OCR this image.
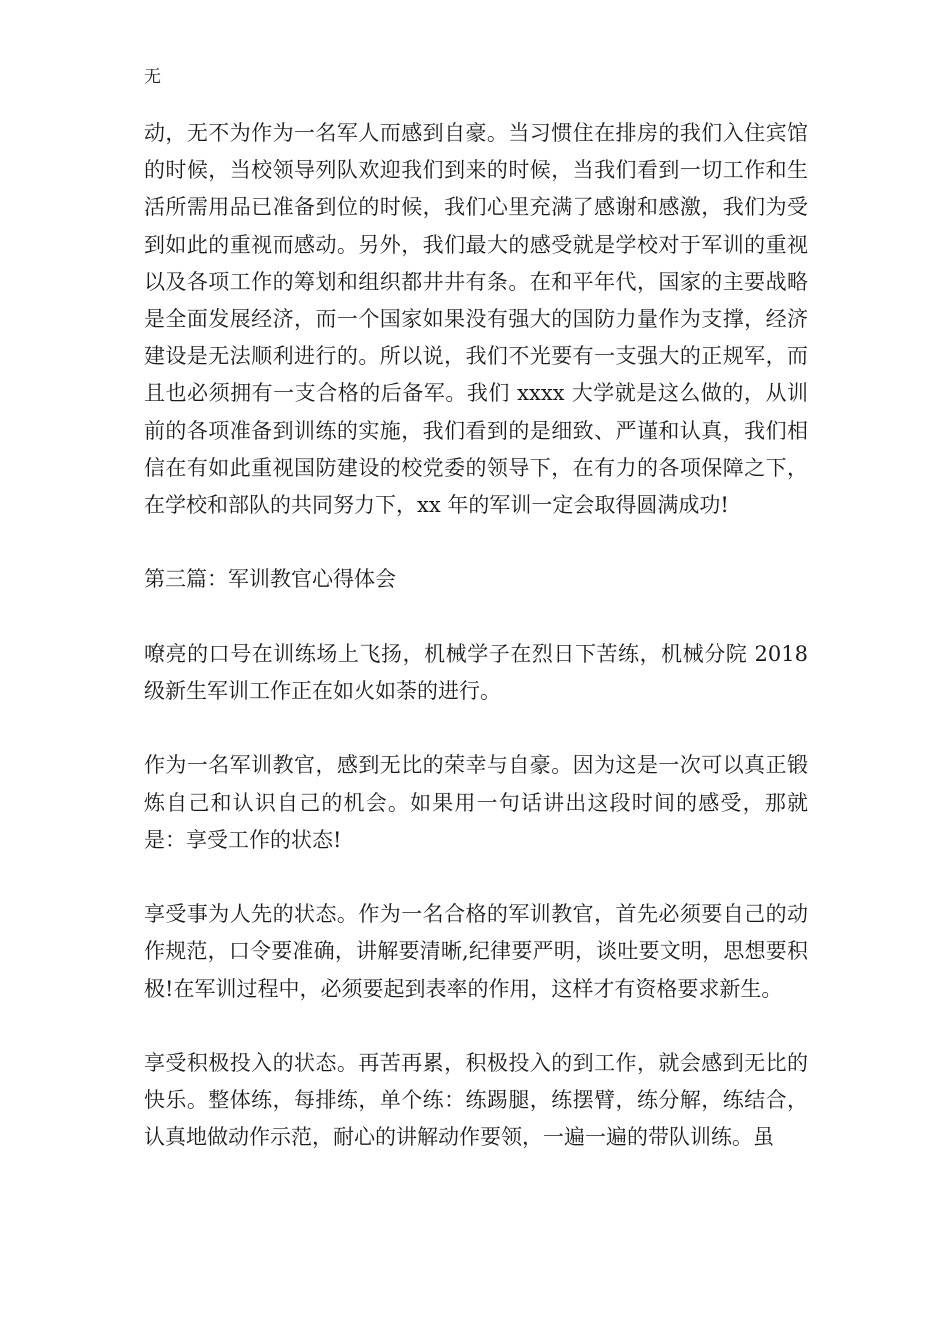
无

动，无不为作为一名军人而感到自豪。当习惯住在排房的我们入住宾馆的时候，当校领导列队欢迎我们到来的时候，当我们看到一切工作和生活所需用品已准备到位的时候，我们心里充满了感谢和感激，我们为受到如此的重视而感动。另外，我们最大的感受就是学校对于军训的重视以及各项工作的筹划和组织都井井有条。在和平年代，国家的主要战略是全面发展经济，而一个国家如果没有强大的国防力量作为支撑，经济建设是无法顺利进行的。所以说，我们不光要有一支强大的正规军，而且也必须拥有一支合格的后备军。我们 xxxx 大学就是这么做的，从训前的各项准备到训练的实施，我们看到的是细致、严谨和认真，我们相信在有如此重视国防建设的校党委的领导下，在有力的各项保障之下，在学校和部队的共同努力下，xx 年的军训一定会取得圆满成功!

第三篇：军训教官心得体会

嘹亮的口号在训练场上飞扬，机械学子在烈日下苦练，机械分院 2018 级新生军训工作正在如火如荼的进行。

作为一名军训教官，感到无比的荣幸与自豪。因为这是一次可以真正锻炼自己和认识自己的机会。如果用一句话讲出这段时间的感受，那就是：享受工作的状态!

享受事为人先的状态。作为一名合格的军训教官，首先必须要自己的动作规范，口令要准确，讲解要清晰,纪律要严明，谈吐要文明，思想要积极!在军训过程中，必须要起到表率的作用，这样才有资格要求新生。

享受积极投入的状态。再苦再累，积极投入的到工作，就会感到无比的快乐。整体练，每排练，单个练：练踢腿，练摆臂，练分解，练结合，认真地做动作示范，耐心的讲解动作要领，一遍一遍的带队训练。虽
